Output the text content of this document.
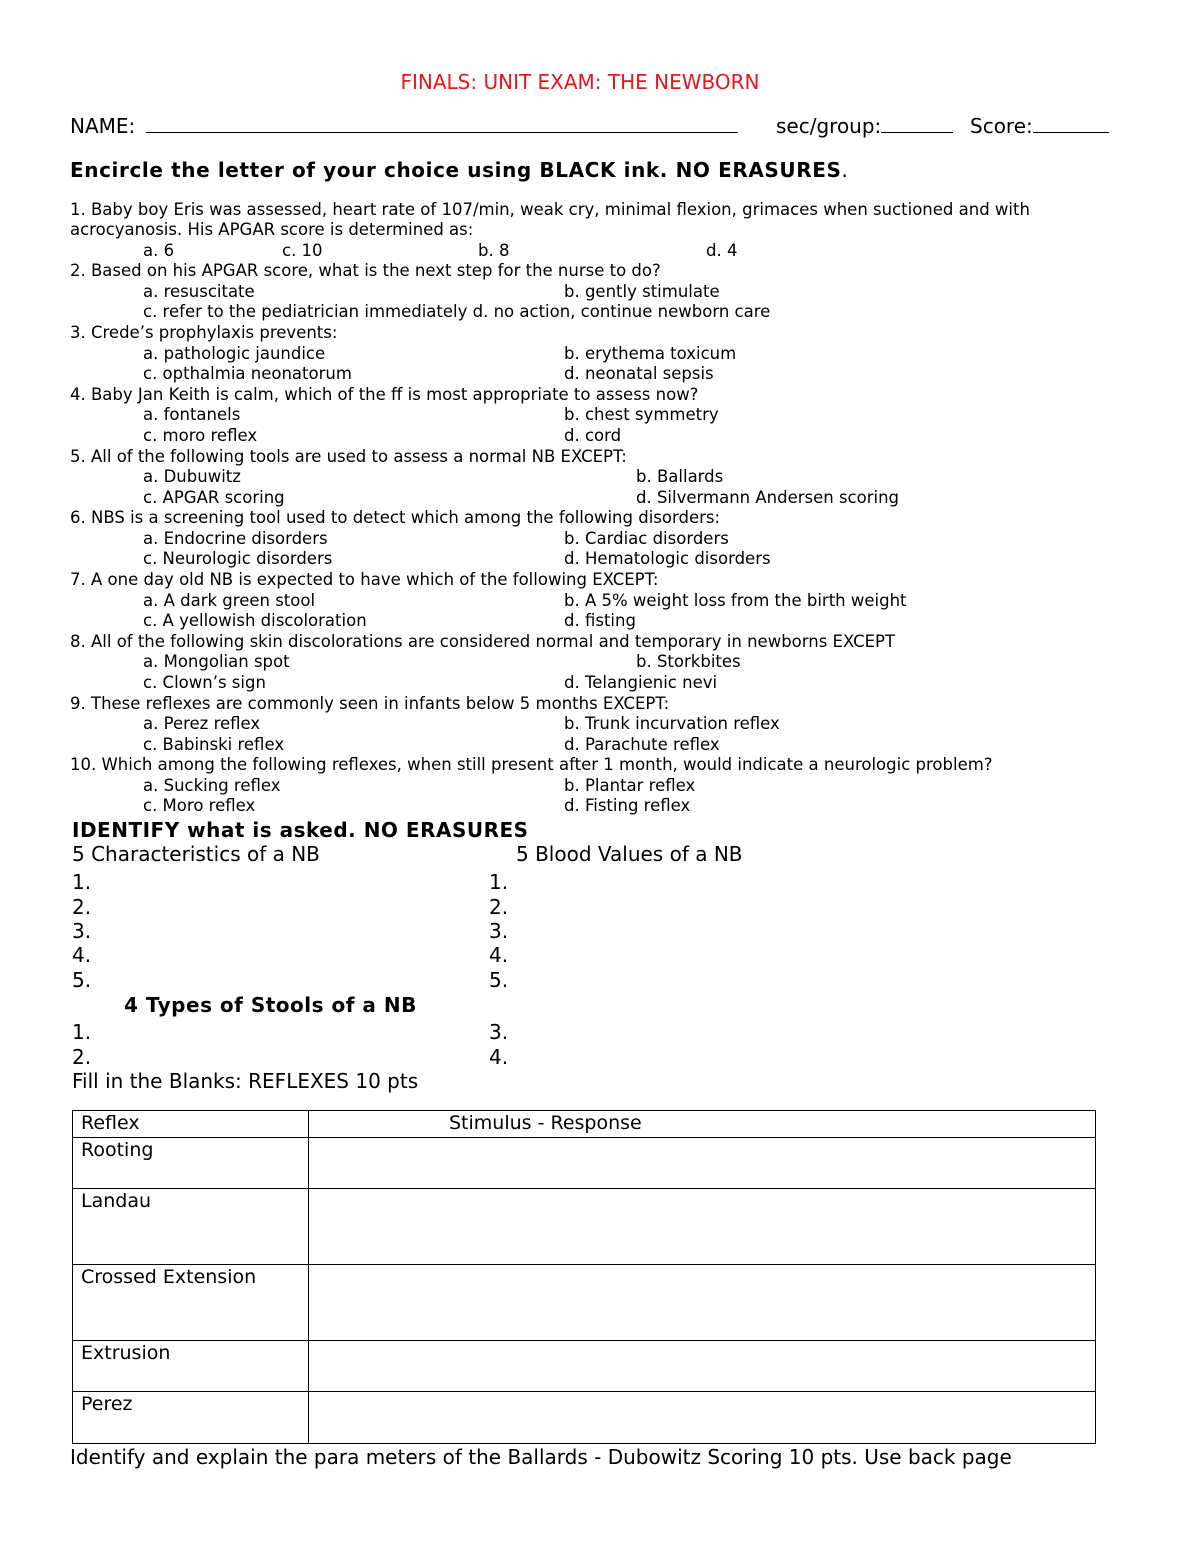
FINALS: UNIT EXAM: THE NEWBORN
NAME:	sec/group:	Score:
Encircle the letter of your choice using BLACK ink. NO ERASURES.
1. Baby boy Eris was assessed, heart rate of 107/min, weak cry, minimal flexion, grimaces when suctioned and with
acrocyanosis. His APGAR score is determined as:
a. 6	c. 10	b. 8	d. 4
2. Based on his APGAR score, what is the next step for the nurse to do?
a. resuscitate	b. gently stimulate
c. refer to the pediatrician immediately d. no action, continue newborn care
3. Crede’s prophylaxis prevents:
a. pathologic jaundice	b. erythema toxicum
c. opthalmia neonatorum	d. neonatal sepsis
4. Baby Jan Keith is calm, which of the ff is most appropriate to assess now?
a. fontanels	b. chest symmetry
c. moro reflex	d. cord
5. All of the following tools are used to assess a normal NB EXCEPT:
a. Dubuwitz	b. Ballards
c. APGAR scoring	d. Silvermann Andersen scoring
6. NBS is a screening tool used to detect which among the following disorders:
a. Endocrine disorders	b. Cardiac disorders
c. Neurologic disorders	d. Hematologic disorders
7. A one day old NB is expected to have which of the following EXCEPT:
a. A dark green stool	b. A 5% weight loss from the birth weight
c. A yellowish discoloration	d. fisting
8. All of the following skin discolorations are considered normal and temporary in newborns EXCEPT
a. Mongolian spot	b. Storkbites
c. Clown’s sign	d. Telangienic nevi
9. These reflexes are commonly seen in infants below 5 months EXCEPT:
a. Perez reflex	b. Trunk incurvation reflex
c. Babinski reflex	d. Parachute reflex
10. Which among the following reflexes, when still present after 1 month, would indicate a neurologic problem?
a. Sucking reflex	b. Plantar reflex
c. Moro reflex	d. Fisting reflex
IDENTIFY what is asked. NO ERASURES
5 Characteristics of a NB	5 Blood Values of a NB
1.
2.
3.
4.
5.
1.
2.
3.
4.
5.
4 Types of Stools of a NB
1.
2.
3.
4.
Fill in the Blanks: REFLEXES 10 pts
Reflex	Stimulus - Response
Rooting	
Landau	
Crossed Extension	
Extrusion	
Perez	
Identify and explain the para meters of the Ballards - Dubowitz Scoring 10 pts. Use back page
